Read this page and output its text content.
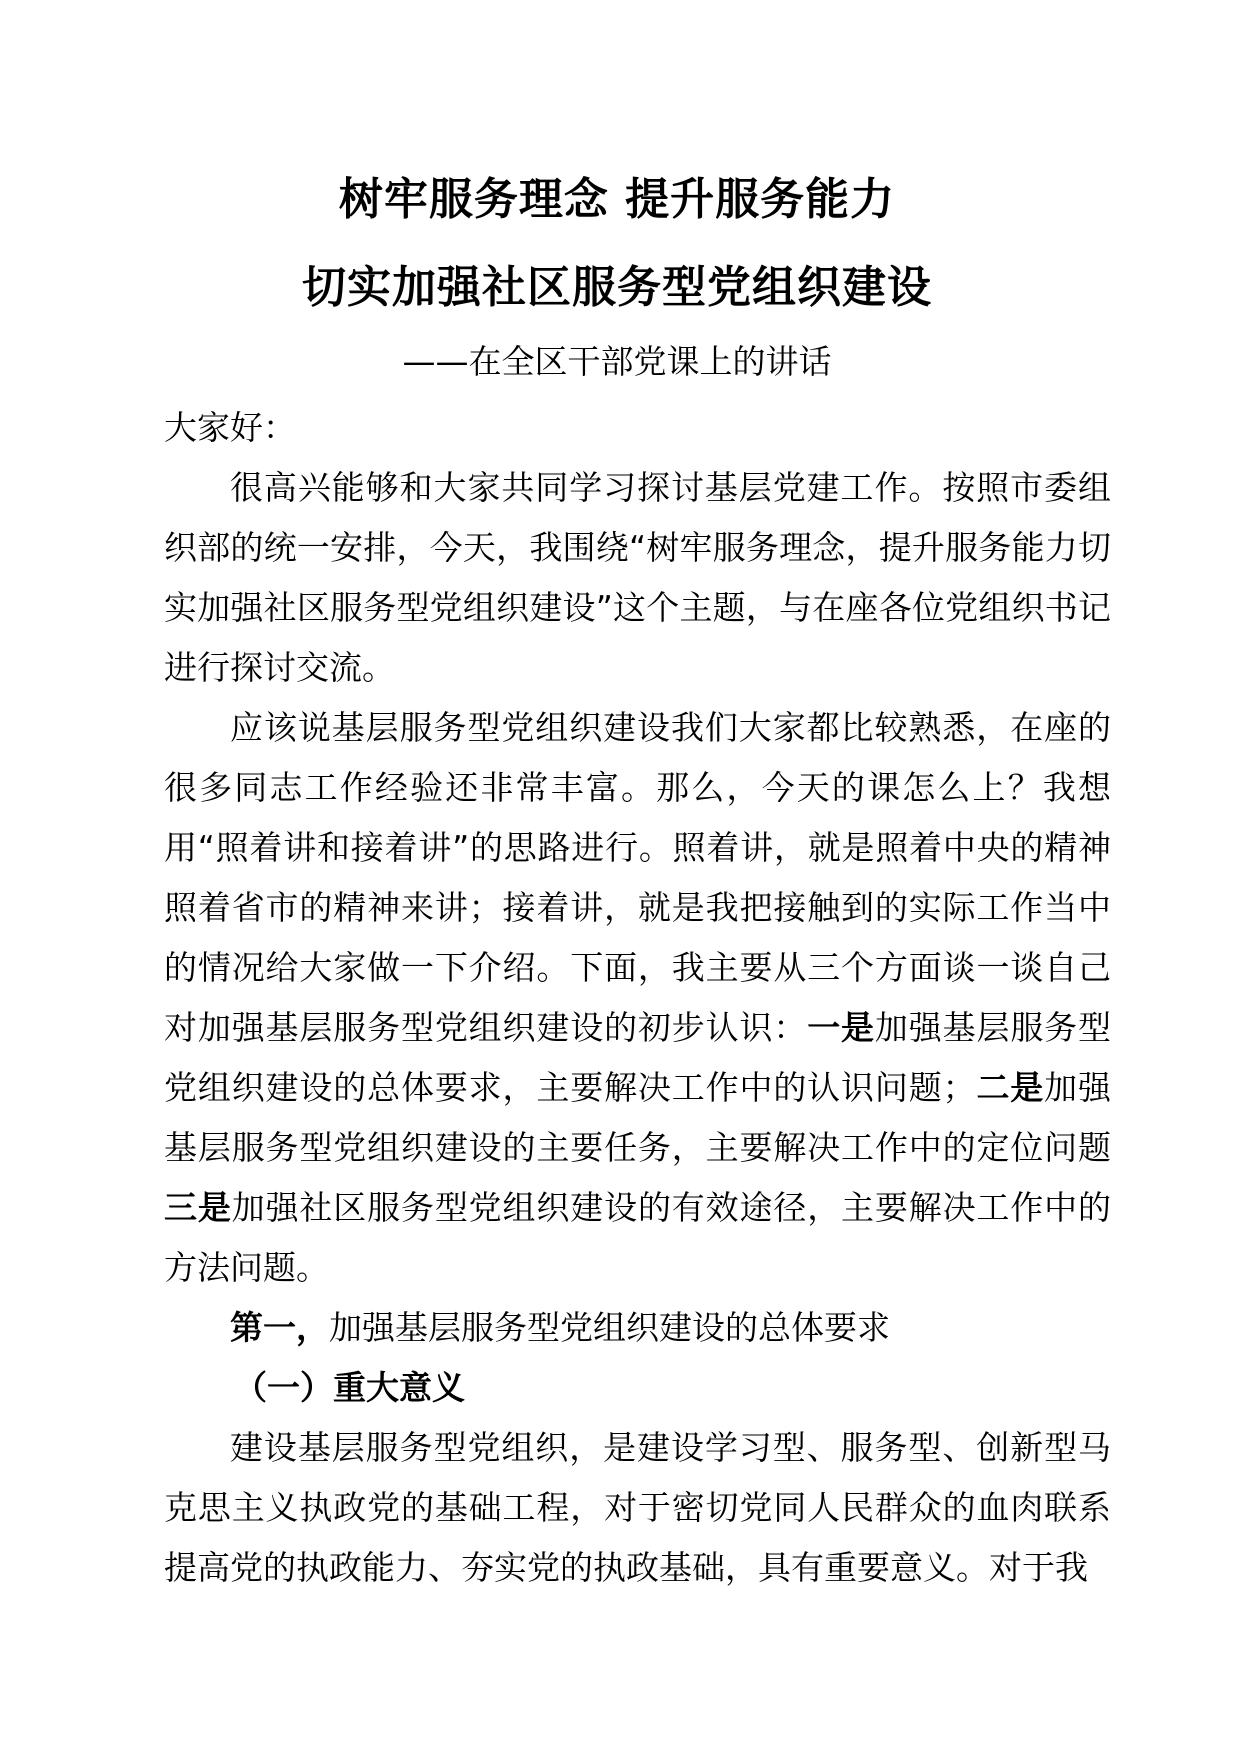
树牢服务理念 提升服务能力
切实加强社区服务型党组织建设
——在全区干部党课上的讲话

大家好：

很高兴能够和大家共同学习探讨基层党建工作。按照市委组织部的统一安排，今天，我围绕“树牢服务理念，提升服务能力切实加强社区服务型党组织建设”这个主题，与在座各位党组织书记进行探讨交流。

应该说基层服务型党组织建设我们大家都比较熟悉，在座的很多同志工作经验还非常丰富。那么，今天的课怎么上？我想用“照着讲和接着讲”的思路进行。照着讲，就是照着中央的精神照着省市的精神来讲；接着讲，就是我把接触到的实际工作当中的情况给大家做一下介绍。下面，我主要从三个方面谈一谈自己对加强基层服务型党组织建设的初步认识：一是加强基层服务型党组织建设的总体要求，主要解决工作中的认识问题；二是加强基层服务型党组织建设的主要任务，主要解决工作中的定位问题三是加强社区服务型党组织建设的有效途径，主要解决工作中的方法问题。

第一，加强基层服务型党组织建设的总体要求

（一）重大意义

建设基层服务型党组织，是建设学习型、服务型、创新型马克思主义执政党的基础工程，对于密切党同人民群众的血肉联系提高党的执政能力、夯实党的执政基础，具有重要意义。对于我
